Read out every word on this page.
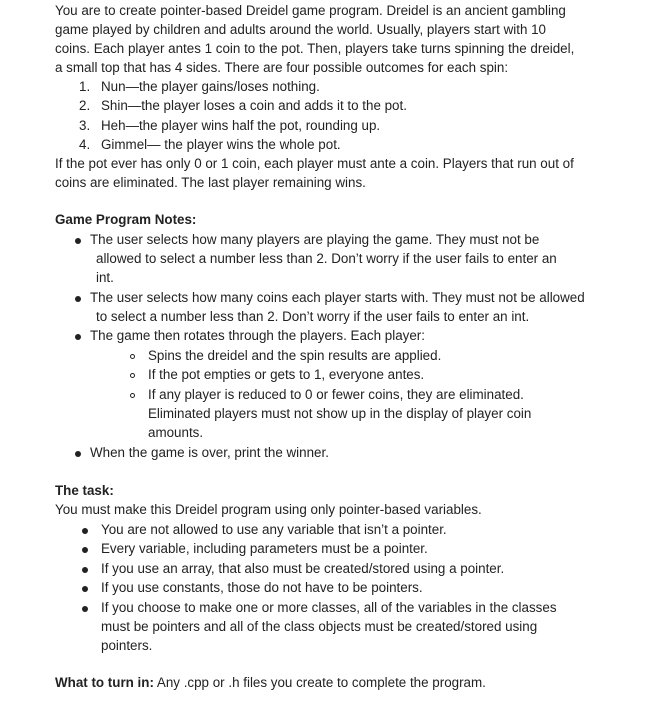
You are to create pointer-based Dreidel game program. Dreidel is an ancient gambling
game played by children and adults around the world. Usually, players start with 10
coins. Each player antes 1 coin to the pot. Then, players take turns spinning the dreidel,
a small top that has 4 sides. There are four possible outcomes for each spin:
1. Nun—the player gains/loses nothing.
2. Shin—the player loses a coin and adds it to the pot.
3. Heh—the player wins half the pot, rounding up.
4. Gimmel— the player wins the whole pot.
If the pot ever has only 0 or 1 coin, each player must ante a coin. Players that run out of
coins are eliminated. The last player remaining wins.
Game Program Notes:
The user selects how many players are playing the game. They must not be
allowed to select a number less than 2. Don’t worry if the user fails to enter an
int.
The user selects how many coins each player starts with. They must not be allowed
to select a number less than 2. Don’t worry if the user fails to enter an int.
The game then rotates through the players. Each player:
Spins the dreidel and the spin results are applied.
If the pot empties or gets to 1, everyone antes.
If any player is reduced to 0 or fewer coins, they are eliminated.
Eliminated players must not show up in the display of player coin
amounts.
When the game is over, print the winner.
The task:
You must make this Dreidel program using only pointer-based variables.
You are not allowed to use any variable that isn’t a pointer.
Every variable, including parameters must be a pointer.
If you use an array, that also must be created/stored using a pointer.
If you use constants, those do not have to be pointers.
If you choose to make one or more classes, all of the variables in the classes
must be pointers and all of the class objects must be created/stored using
pointers.
What to turn in: Any .cpp or .h files you create to complete the program.
